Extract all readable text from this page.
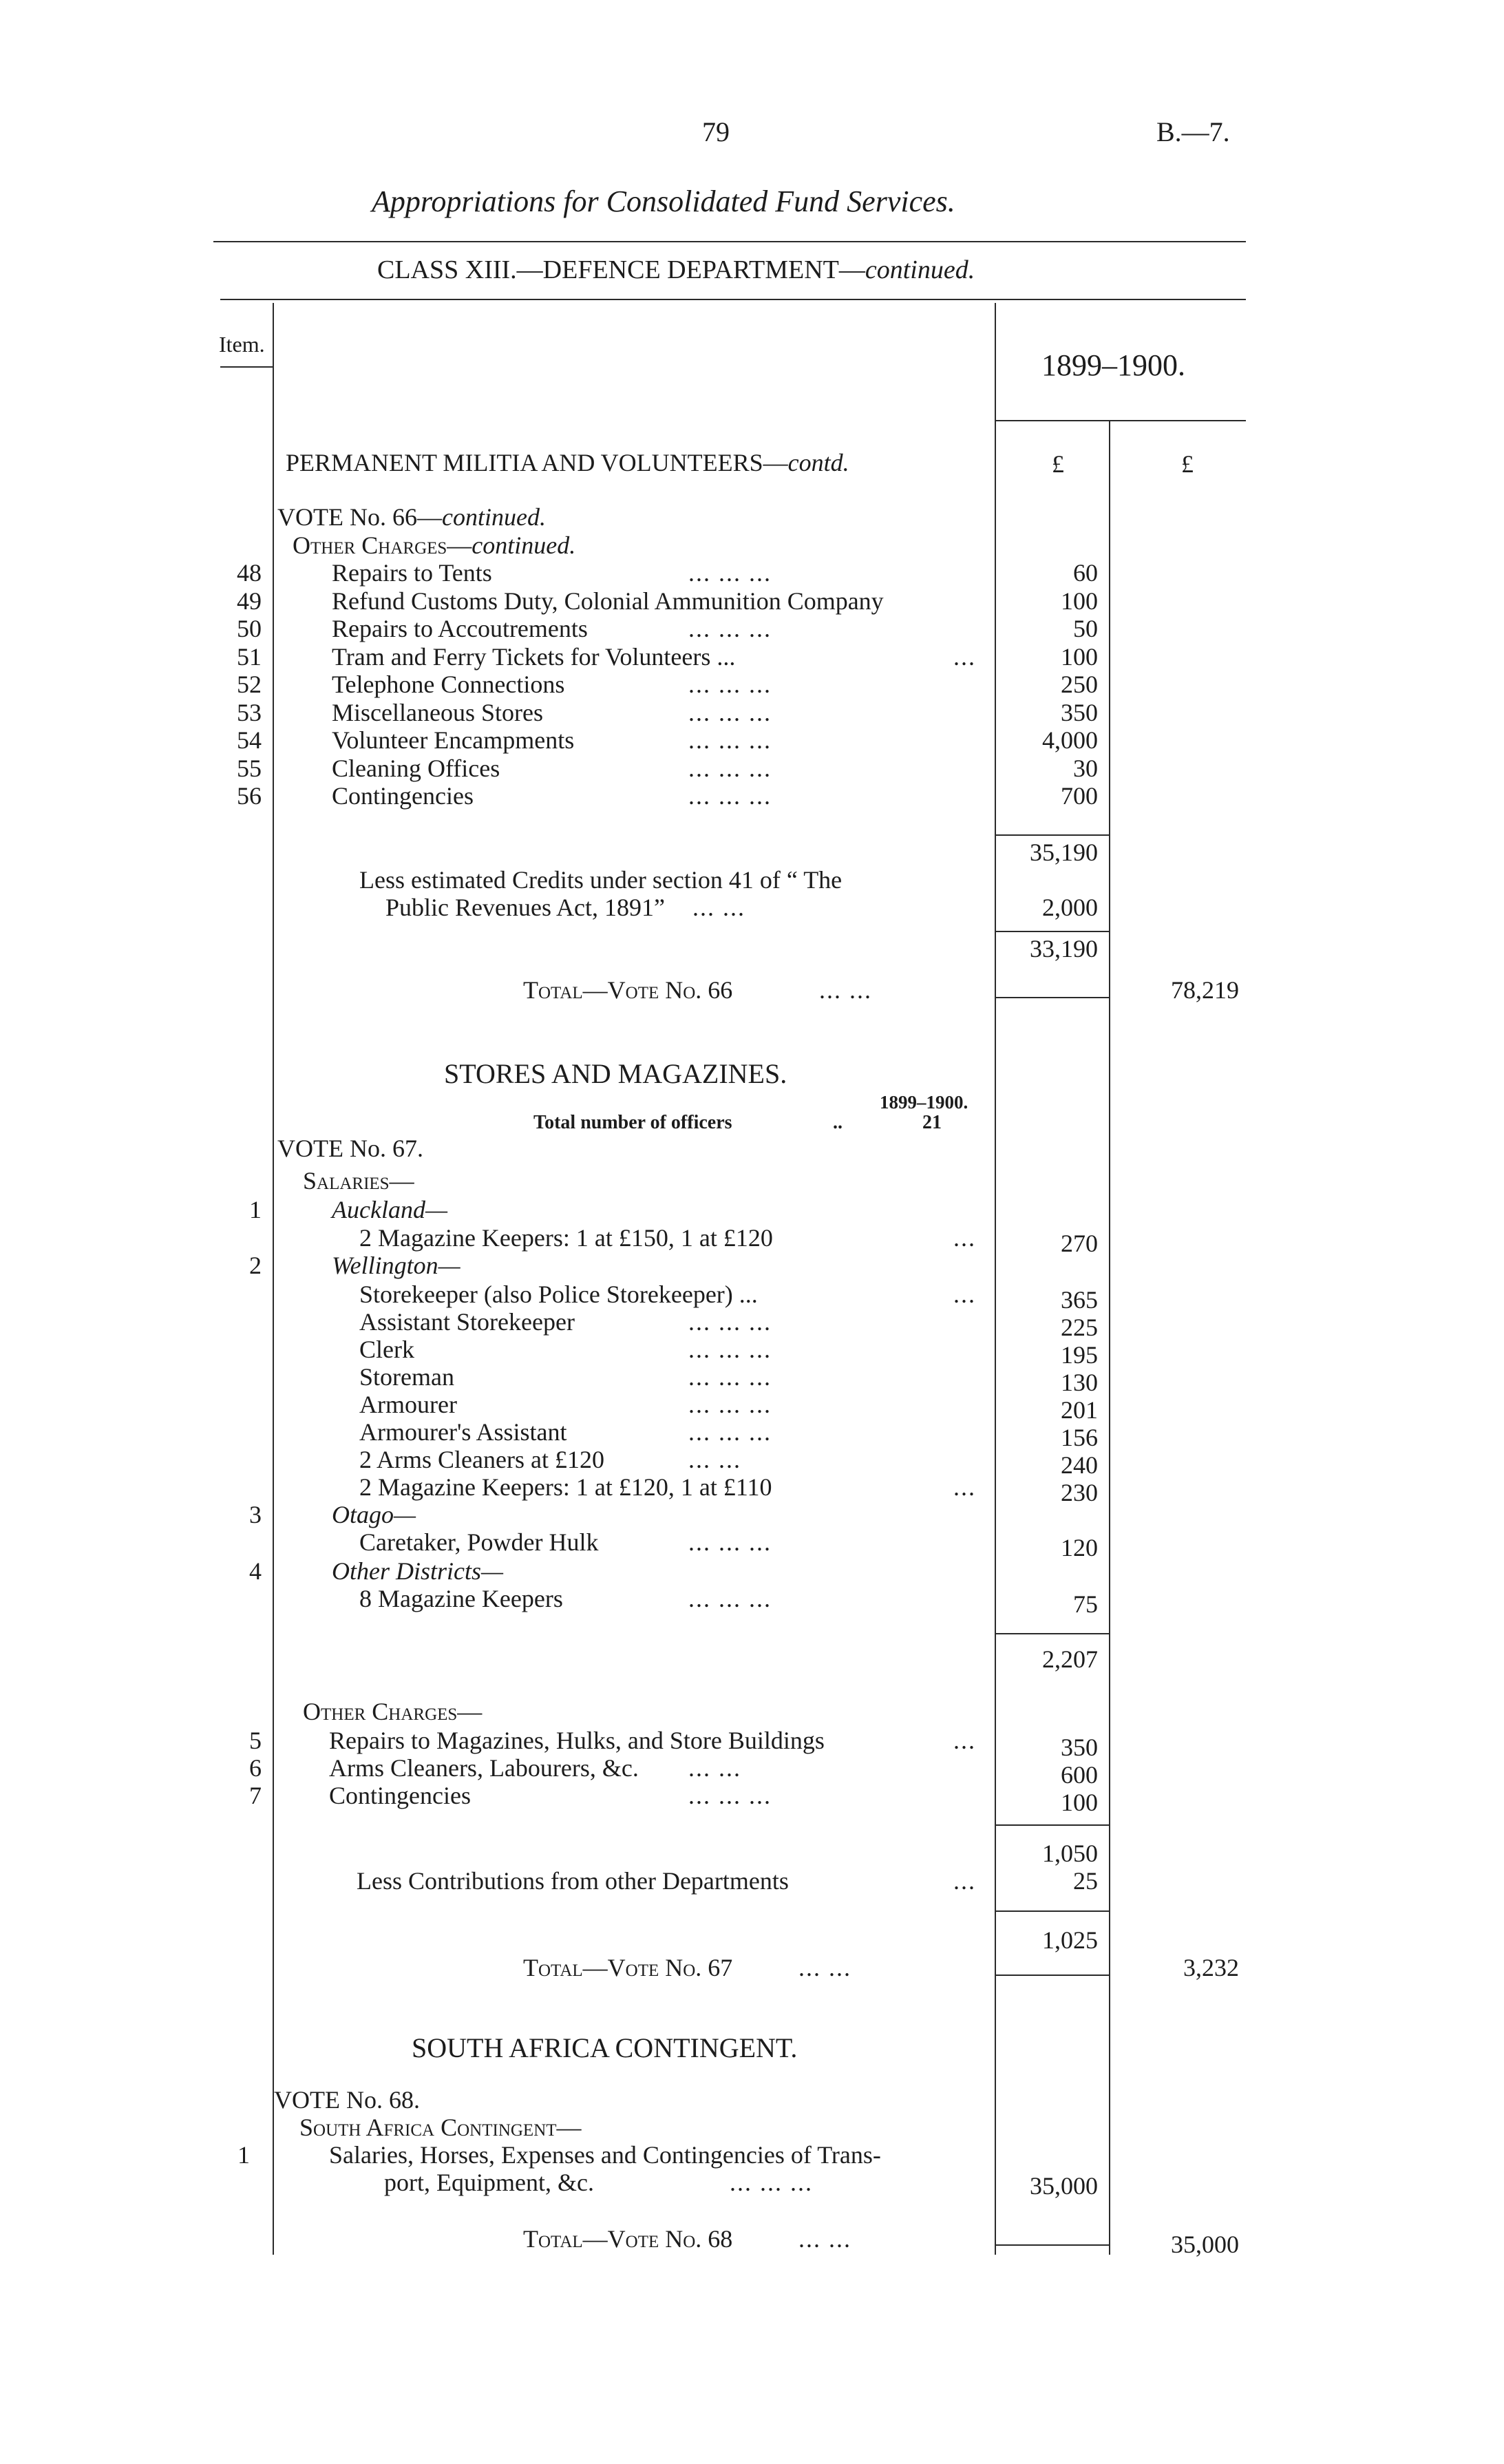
79	B.—7.
Appropriations for Consolidated Fund Services.
CLASS XIII.—DEFENCE DEPARTMENT—continued.
Item.
1899–1900.
£	£
PERMANENT MILITIA AND VOLUNTEERS—contd.
VOTE No. 66—continued.
Other Charges—continued.
48	Repairs to Tents	... ... ...	60
49	Refund Customs Duty, Colonial Ammunition Company	100
50	Repairs to Accoutrements	... ... ...	50
51	Tram and Ferry Tickets for Volunteers ...	...	100
52	Telephone Connections	... ... ...	250
53	Miscellaneous Stores	... ... ...	350
54	Volunteer Encampments	... ... ...	4,000
55	Cleaning Offices	... ... ...	30
56	Contingencies	... ... ...	700
35,190
Less estimated Credits under section 41 of “ The
Public Revenues Act, 1891” ... ...	2,000
33,190
Total—Vote No. 66	... ...	78,219
STORES AND MAGAZINES.
1899–1900.
Total number of officers	..	21
VOTE No. 67.
Salaries—
1	Auckland—
2 Magazine Keepers: 1 at £150, 1 at £120	...	270
2	Wellington—
Storekeeper (also Police Storekeeper) ...	...	365
Assistant Storekeeper	... ... ...	225
Clerk	... ... ...	195
Storeman	... ... ...	130
Armourer	... ... ...	201
Armourer's Assistant	... ... ...	156
2 Arms Cleaners at £120	... ...	240
2 Magazine Keepers: 1 at £120, 1 at £110	...	230
3	Otago—
Caretaker, Powder Hulk	... ... ...	120
4	Other Districts—
8 Magazine Keepers	... ... ...	75
2,207
Other Charges—
5	Repairs to Magazines, Hulks, and Store Buildings	...	350
6	Arms Cleaners, Labourers, &c. ... ...	600
7	Contingencies	... ... ...	100
1,050
Less Contributions from other Departments	...	25
1,025
Total—Vote No. 67	... ...	3,232
SOUTH AFRICA CONTINGENT.
VOTE No. 68.
South Africa Contingent—
1	Salaries, Horses, Expenses and Contingencies of Trans-
port, Equipment, &c.	... ... ...	35,000
Total—Vote No. 68	... ...	35,000
